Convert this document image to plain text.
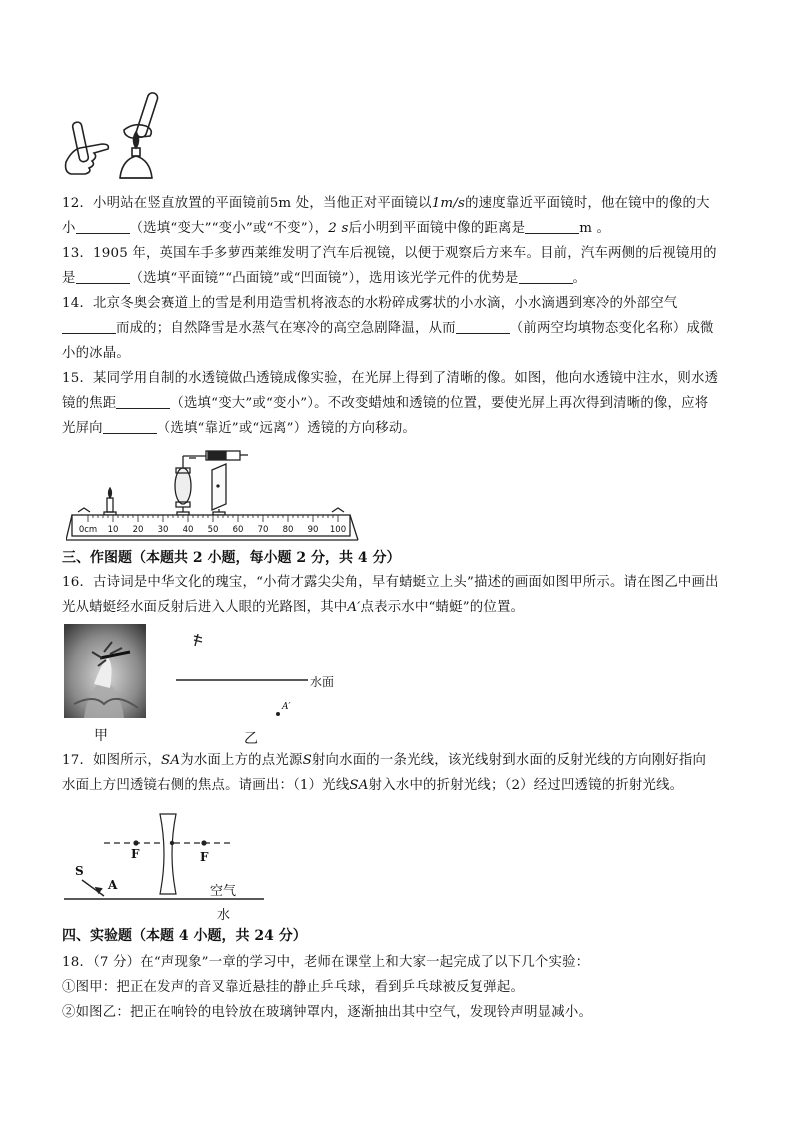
12．小明站在竖直放置的平面镜前5m 处，当他正对平面镜以1m/s的速度靠近平面镜时，他在镜中的像的大
小	（选填“变大”“变小”或“不变”），2 s后小明到平面镜中像的距离是	m 。
13．1905 年，英国车手多萝西莱维发明了汽车后视镜，以便于观察后方来车。目前，汽车两侧的后视镜用的
是	（选填“平面镜”“凸面镜”或“凹面镜”），选用该光学元件的优势是	。
14．北京冬奥会赛道上的雪是利用造雪机将液态的水粉碎成雾状的小水滴，小水滴遇到寒冷的外部空气
而成的；自然降雪是水蒸气在寒冷的高空急剧降温，从而	（前两空均填物态变化名称）成微
小的冰晶。
15．某同学用自制的水透镜做凸透镜成像实验，在光屏上得到了清晰的像。如图，他向水透镜中注水，则水透
镜的焦距	（选填“变大”或“变小”）。不改变蜡烛和透镜的位置，要使光屏上再次得到清晰的像，应将
光屏向	（选填“靠近”或“远离”）透镜的方向移动。
0cm 10 20 30 40 50 60 70 80 90 100
三、作图题（本题共 2 小题，每小题 2 分，共 4 分）
16．古诗词是中华文化的瑰宝，“小荷才露尖尖角，早有蜻蜓立上头”描述的画面如图甲所示。请在图乙中画出
光从蜻蜓经水面反射后进入人眼的光路图，其中A′点表示水中“蜻蜓”的位置。
甲
水面
A′
乙
17．如图所示，SA为水面上方的点光源S射向水面的一条光线，该光线射到水面的反射光线的方向刚好指向
水面上方凹透镜右侧的焦点。请画出：（1）光线SA射入水中的折射光线；（2）经过凹透镜的折射光线。
F	F
S
A	空气
水
四、实验题（本题 4 小题，共 24 分）
18．（7 分）在“声现象”一章的学习中，老师在课堂上和大家一起完成了以下几个实验：
①图甲：把正在发声的音叉靠近悬挂的静止乒乓球，看到乒乓球被反复弹起。
②如图乙：把正在响铃的电铃放在玻璃钟罩内，逐渐抽出其中空气，发现铃声明显减小。
